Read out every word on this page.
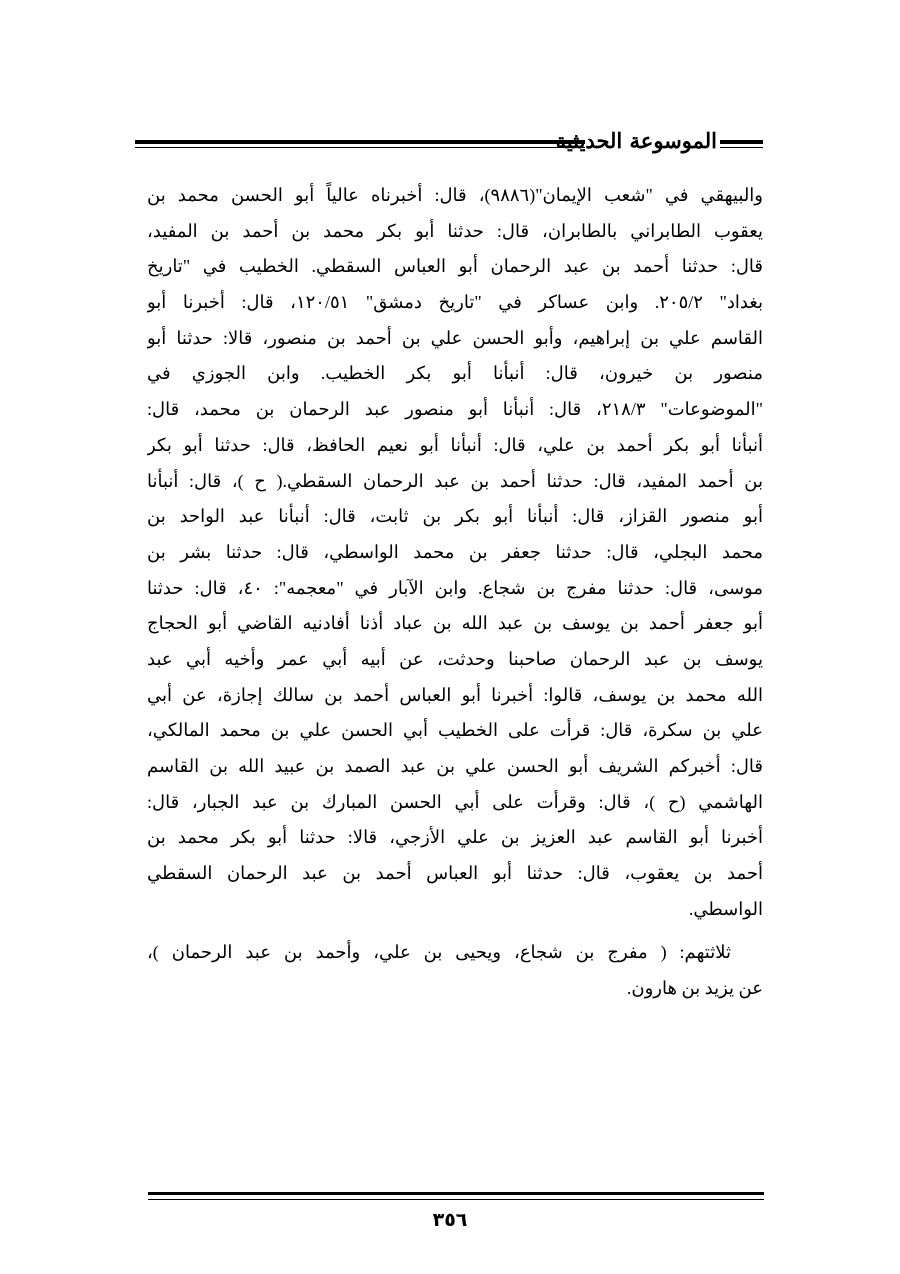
الموسوعة الحديثية
والبيهقي في "شعب الإيمان"(٩٨٨٦)، قال: أخبرناه عالياً أبو الحسن محمد بن
يعقوب الطابراني بالطابران، قال: حدثنا أبو بكر محمد بن أحمد بن المفيد،
قال: حدثنا أحمد بن عبد الرحمان أبو العباس السقطي. الخطيب في "تاريخ
بغداد" ٢٠٥/٢. وابن عساكر في "تاريخ دمشق" ١٢٠/٥١، قال: أخبرنا أبو
القاسم علي بن إبراهيم، وأبو الحسن علي بن أحمد بن منصور، قالا: حدثنا أبو
منصور بن خيرون، قال: أنبأنا أبو بكر الخطيب. وابن الجوزي في
"الموضوعات" ٢١٨/٣، قال: أنبأنا أبو منصور عبد الرحمان بن محمد، قال:
أنبأنا أبو بكر أحمد بن علي، قال: أنبأنا أبو نعيم الحافظ، قال: حدثنا أبو بكر
بن أحمد المفيد، قال: حدثنا أحمد بن عبد الرحمان السقطي.( ح )، قال: أنبأنا
أبو منصور القزاز، قال: أنبأنا أبو بكر بن ثابت، قال: أنبأنا عبد الواحد بن
محمد البجلي، قال: حدثنا جعفر بن محمد الواسطي، قال: حدثنا بشر بن
موسى، قال: حدثنا مفرج بن شجاع. وابن الآبار في "معجمه": ٤٠، قال: حدثنا
أبو جعفر أحمد بن يوسف بن عبد الله بن عباد أذنا أفادنيه القاضي أبو الحجاج
يوسف بن عبد الرحمان صاحبنا وحدثت، عن أبيه أبي عمر وأخيه أبي عبد
الله محمد بن يوسف، قالوا: أخبرنا أبو العباس أحمد بن سالك إجازة، عن أبي
علي بن سكرة، قال: قرأت على الخطيب أبي الحسن علي بن محمد المالكي،
قال: أخبركم الشريف أبو الحسن علي بن عبد الصمد بن عبيد الله بن القاسم
الهاشمي (ح )، قال: وقرأت على أبي الحسن المبارك بن عبد الجبار، قال:
أخبرنا أبو القاسم عبد العزيز بن علي الأزجي، قالا: حدثنا أبو بكر محمد بن
أحمد بن يعقوب، قال: حدثنا أبو العباس أحمد بن عبد الرحمان السقطي
الواسطي.
ثلاثتهم: ( مفرج بن شجاع، ويحيى بن علي، وأحمد بن عبد الرحمان )،
عن يزيد بن هارون.
٣٥٦
